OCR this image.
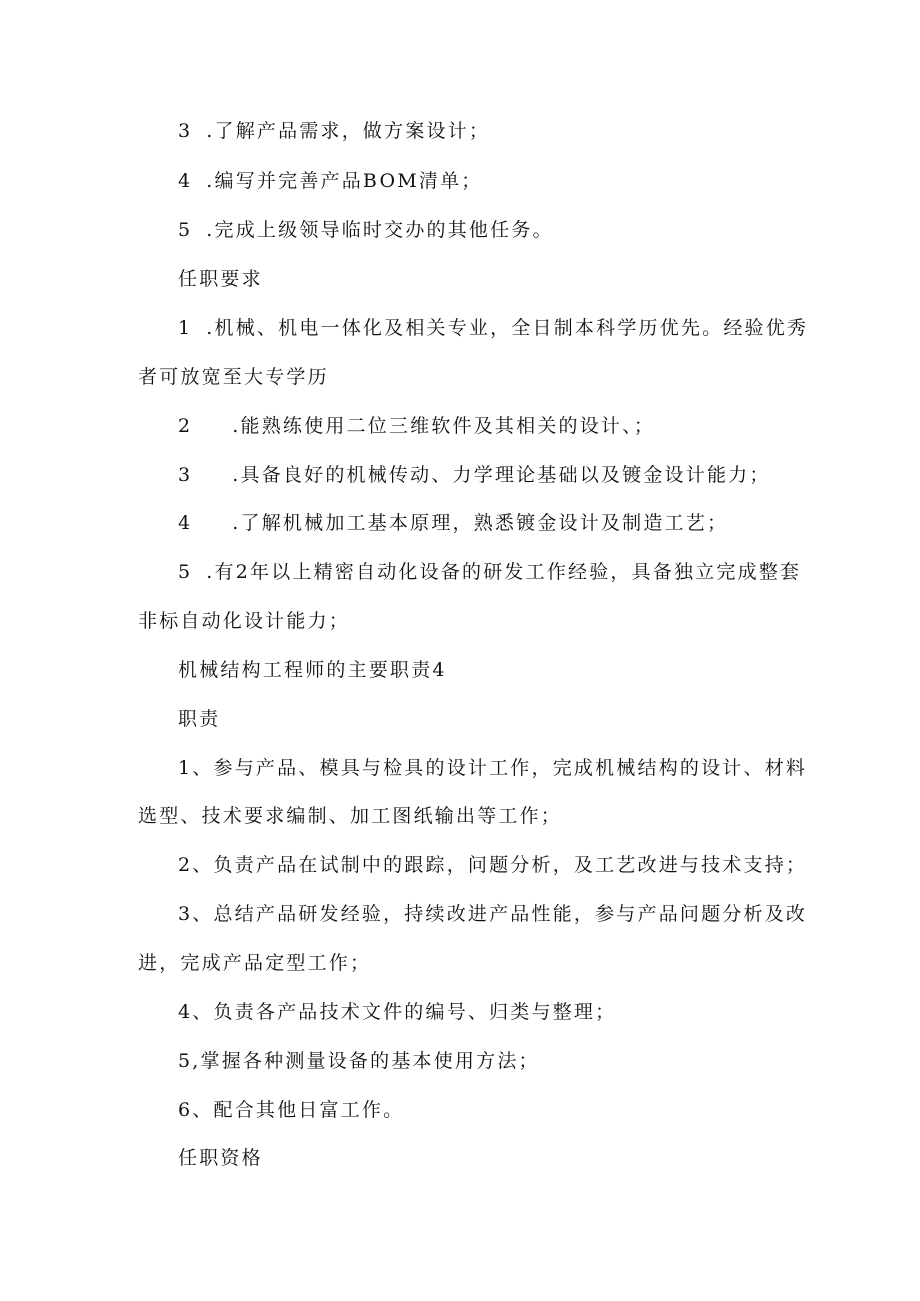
3 .了解产品需求，做方案设计；
4 .编写并完善产品BOM清单；
5 .完成上级领导临时交办的其他任务。
任职要求
1 .机械、机电一体化及相关专业，全日制本科学历优先。经验优秀
者可放宽至大专学历
2 .能熟练使用二位三维软件及其相关的设计、；
3 .具备良好的机械传动、力学理论基础以及镀金设计能力；
4 .了解机械加工基本原理，熟悉镀金设计及制造工艺；
5 .有2年以上精密自动化设备的研发工作经验，具备独立完成整套
非标自动化设计能力；
机械结构工程师的主要职责4
职责
1、参与产品、模具与检具的设计工作，完成机械结构的设计、材料
选型、技术要求编制、加工图纸输出等工作；
2、负责产品在试制中的跟踪，问题分析，及工艺改进与技术支持；
3、总结产品研发经验，持续改进产品性能，参与产品问题分析及改
进，完成产品定型工作；
4、负责各产品技术文件的编号、归类与整理；
5,掌握各种测量设备的基本使用方法；
6、配合其他日富工作。
任职资格
